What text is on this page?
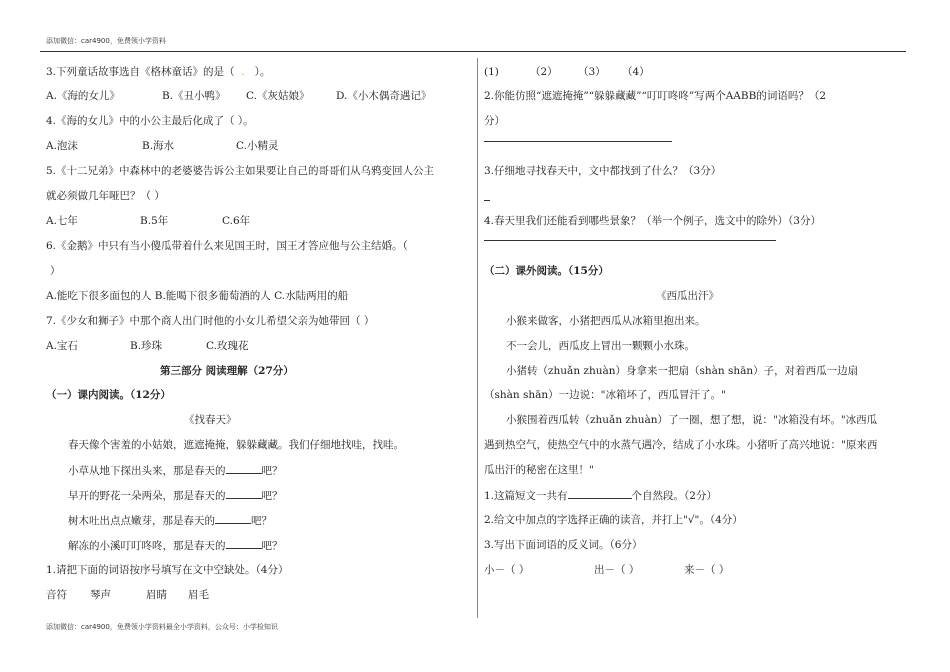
添加微信：car4900，免费领小学资料
3.下列童话故事选自《格林童话》的是（ . ）。
A.《海的女儿》	B.《丑小鸭》 C.《灰姑娘》	D.《小木偶奇遇记》
4.《海的女儿》中的小公主最后化成了（ ）。
A.泡沫	B.海水	C.小精灵
5.《十二兄弟》中森林中的老婆婆告诉公主如果要让自己的哥哥们从乌鸦变回人公主
就必须做几年哑巴？（ ）
A.七年	B.5年	C.6年
6.《金鹅》中只有当小傻瓜带着什么来见国王时，国王才答应他与公主结婚。（
）
A.能吃下很多面包的人 B.能喝下很多葡萄酒的人 C.水陆两用的船
7.《少女和狮子》中那个商人出门时他的小女儿希望父亲为她带回（ ）
A.宝石	B.珍珠	C.玫瑰花
第三部分 阅读理解（27分）
（一）课内阅读。（12分）
《找春天》
春天像个害羞的小姑娘，遮遮掩掩，躲躲藏藏。我们仔细地找哇，找哇。
小草从地下探出头来，那是春天的	吧？
早开的野花一朵两朵，那是春天的	吧？
树木吐出点点嫩芽，那是春天的	吧？
解冻的小溪叮叮咚咚，那是春天的	吧？
1.请把下面的词语按序号填写在文中空缺处。（4分）
音符 琴声	眉睛 眉毛
(1)	（2） （3） （4）
2.你能仿照“遮遮掩掩”“躲躲藏藏”“叮叮咚咚”写两个AABB的词语吗？（2
分）
3.仔细地寻找春天中，文中都找到了什么？（3分）
4.春天里我们还能看到哪些景象？（举一个例子，选文中的除外）（3分）
（二）课外阅读。（15分）
《西瓜出汗》
小猴来做客，小猪把西瓜从冰箱里抱出来。
不一会儿，西瓜皮上冒出一颗颗小水珠。
小猪转（zhuǎn zhuàn）身拿来一把扇（shàn shān）子，对着西瓜一边扇
（shàn shān）一边说："冰箱坏了，西瓜冒汗了。"
小猴围着西瓜转（zhuǎn zhuàn）了一圈，想了想，说："冰箱没有坏。"冰西瓜
遇到热空气，使热空气中的水蒸气遇冷，结成了小水珠。小猪听了高兴地说："原来西
瓜出汗的秘密在这里！"
1.这篇短文一共有	个自然段。（2分）
2.给文中加点的字选择正确的读音，并打上"√"。（4分）
3.写出下面词语的反义词。（6分）
小－（ ）	出－（ ）	来－（ ）
添加微信：car4900，免费领小学资料最全小学资料，公众号：小学检知识
